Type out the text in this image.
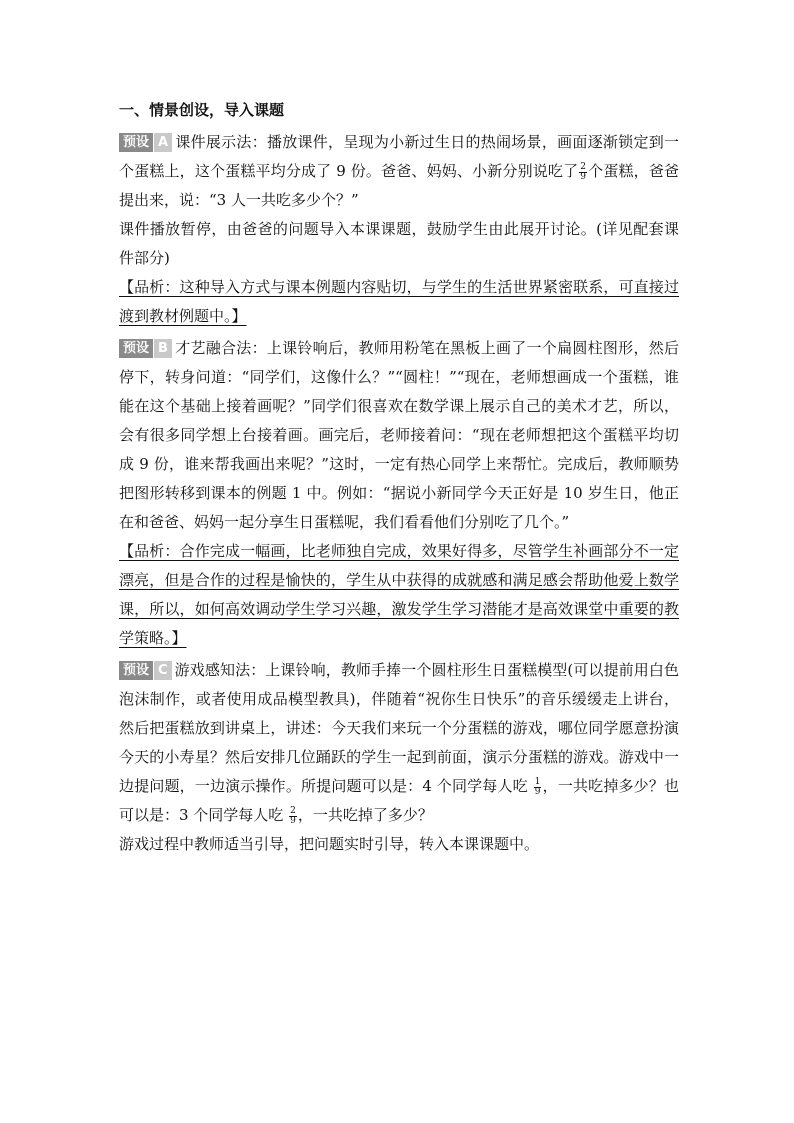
一、情景创设，导入课题

预设 A 课件展示法：播放课件，呈现为小新过生日的热闹场景，画面逐渐锁定到一个蛋糕上，这个蛋糕平均分成了 9 份。爸爸、妈妈、小新分别说吃了 $\frac{2}{9}$ 个蛋糕，爸爸提出来，说：“3 人一共吃多少个？”

课件播放暂停，由爸爸的问题导入本课课题，鼓励学生由此展开讨论。(详见配套课件部分)

【品析：这种导入方式与课本例题内容贴切，与学生的生活世界紧密联系，可直接过渡到教材例题中。】

预设 B 才艺融合法：上课铃响后，教师用粉笔在黑板上画了一个扁圆柱图形，然后停下，转身问道：“同学们，这像什么？”“圆柱！”“现在，老师想画成一个蛋糕，谁能在这个基础上接着画呢？”同学们很喜欢在数学课上展示自己的美术才艺，所以，会有很多同学想上台接着画。画完后，老师接着问：“现在老师想把这个蛋糕平均切成 9 份，谁来帮我画出来呢？”这时，一定有热心同学上来帮忙。完成后，教师顺势把图形转移到课本的例题 1 中。例如：“据说小新同学今天正好是 10 岁生日，他正在和爸爸、妈妈一起分享生日蛋糕呢，我们看看他们分别吃了几个。”

【品析：合作完成一幅画，比老师独自完成，效果好得多，尽管学生补画部分不一定漂亮，但是合作的过程是愉快的，学生从中获得的成就感和满足感会帮助他爱上数学课，所以，如何高效调动学生学习兴趣，激发学生学习潜能才是高效课堂中重要的教学策略。】

预设 C 游戏感知法：上课铃响，教师手捧一个圆柱形生日蛋糕模型(可以提前用白色泡沫制作，或者使用成品模型教具)，伴随着“祝你生日快乐”的音乐缓缓走上讲台，然后把蛋糕放到讲桌上，讲述：今天我们来玩一个分蛋糕的游戏，哪位同学愿意扮演今天的小寿星？然后安排几位踊跃的学生一起到前面，演示分蛋糕的游戏。游戏中一边提问题，一边演示操作。所提问题可以是：4 个同学每人吃 $\frac{1}{9}$ ，一共吃掉多少？也可以是：3 个同学每人吃 $\frac{2}{9}$ ，一共吃掉了多少？

游戏过程中教师适当引导，把问题实时引导，转入本课课题中。
